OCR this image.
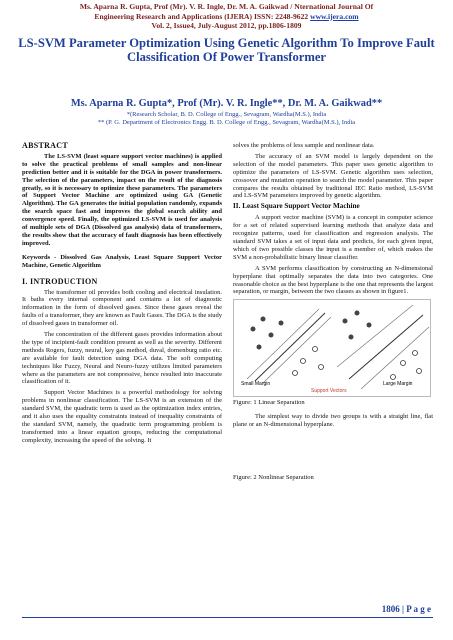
Ms. Aparna R. Gupta, Prof (Mr). V. R. Ingle, Dr. M. A. Gaikwad / Nternational Journal Of
Engineering Research and Applications (IJERA) ISSN: 2248-9622 www.ijera.com
Vol. 2, Issue4, July-August 2012, pp.1806-1809
LS-SVM Parameter Optimization Using Genetic Algorithm To Improve Fault Classification Of Power Transformer
Ms. Aparna R. Gupta*, Prof (Mr). V. R. Ingle**, Dr. M. A. Gaikwad**
*(Research Scholar, B. D. College of Engg., Sevagram, Wardha(M.S.), India
** (P. G. Department of Electronics Engg. B. D. College of Engg., Sevagram, Wardha(M.S.), India
ABSTRACT

The LS-SVM (least square support vector machines) is applied to solve the practical problems of small samples and non-linear prediction better and it is suitable for the DGA in power transformers. The selection of the parameters, impact on the result of the diagnosis greatly, so it is necessary to optimize these parameters. The parameters of Support Vector Machine are optimized using GA (Genetic Algorithm). The GA generates the initial population randomly, expands the search space fast and improves the global search ability and convergence speed. Finally, the optimized LS-SVM is used for analysis of multiple sets of DGA (Dissolved gas analysis) data of transformers, the results show that the accuracy of fault diagnosis has been effectively improved.

Keywords - Dissolved Gas Analysis, Least Square Support Vector Machine, Genetic Algorithm

I. INTRODUCTION

The transformer oil provides both cooling and electrical insulation. It baths every internal component and contains a lot of diagnostic information in the form of dissolved gases. Since these gases reveal the faults of a transformer, they are known as Fault Gases. The DGA is the study of dissolved gases in transformer oil.

The concentration of the different gases provides information about the type of incipient-fault condition present as well as the severity. Different methods Rogers, fuzzy, neural, key gas method, duval, dornenburg ratio etc. are available for fault detection using DGA data. The soft computing techniques like Fuzzy, Neural and Neuro-fuzzy utilizes limited parameters where as the parameters are not compressive, hence resulted into inaccurate classification of it.

Support Vector Machines is a powerful methodology for solving problems in nonlinear classification. The LS-SVM is an extension of the standard SVM, the quadratic term is used as the optimization index entries, and it also uses the equality constraints instead of inequality constraints of the standard SVM, namely, the quadratic term programming problem is transformed into a linear equation groups, reducing the computational complexity, increasing the speed of the solving. It

solves the problems of less sample and nonlinear data.

The accuracy of an SVM model is largely dependent on the selection of the model parameters. This paper uses genetic algorithm to optimize the parameters of LS-SVM. Genetic algorithm uses selection, crossover and mutation operation to search the model parameter. This paper compares the results obtained by traditional IEC Ratio method, LS-SVM and LS-SVM parameters improved by genetic algorithm.

II. Least Square Support Vector Machine

A support vector machine (SVM) is a concept in computer science for a set of related supervised learning methods that analyze data and recognize patterns, used for classification and regression analysis. The standard SVM takes a set of input data and predicts, for each given input, which of two possible classes the input is a member of, which makes the SVM a non-probabilistic binary linear classifier.

A SVM performs classification by constructing an N-dimensional hyperplane that optimally separates the data into two categories. One reasonable choice as the best hyperplane is the one that represents the largest separation, or margin, between the two classes as shown in figure1.

Small Margin	Large Margin
Support Vectors

Figure: 1 Linear Separation

The simplest way to divide two groups is with a straight line, flat plane or an N-dimensional hyperplane.

Figure: 2 Nonlinear Separation

1806 | P a g e
